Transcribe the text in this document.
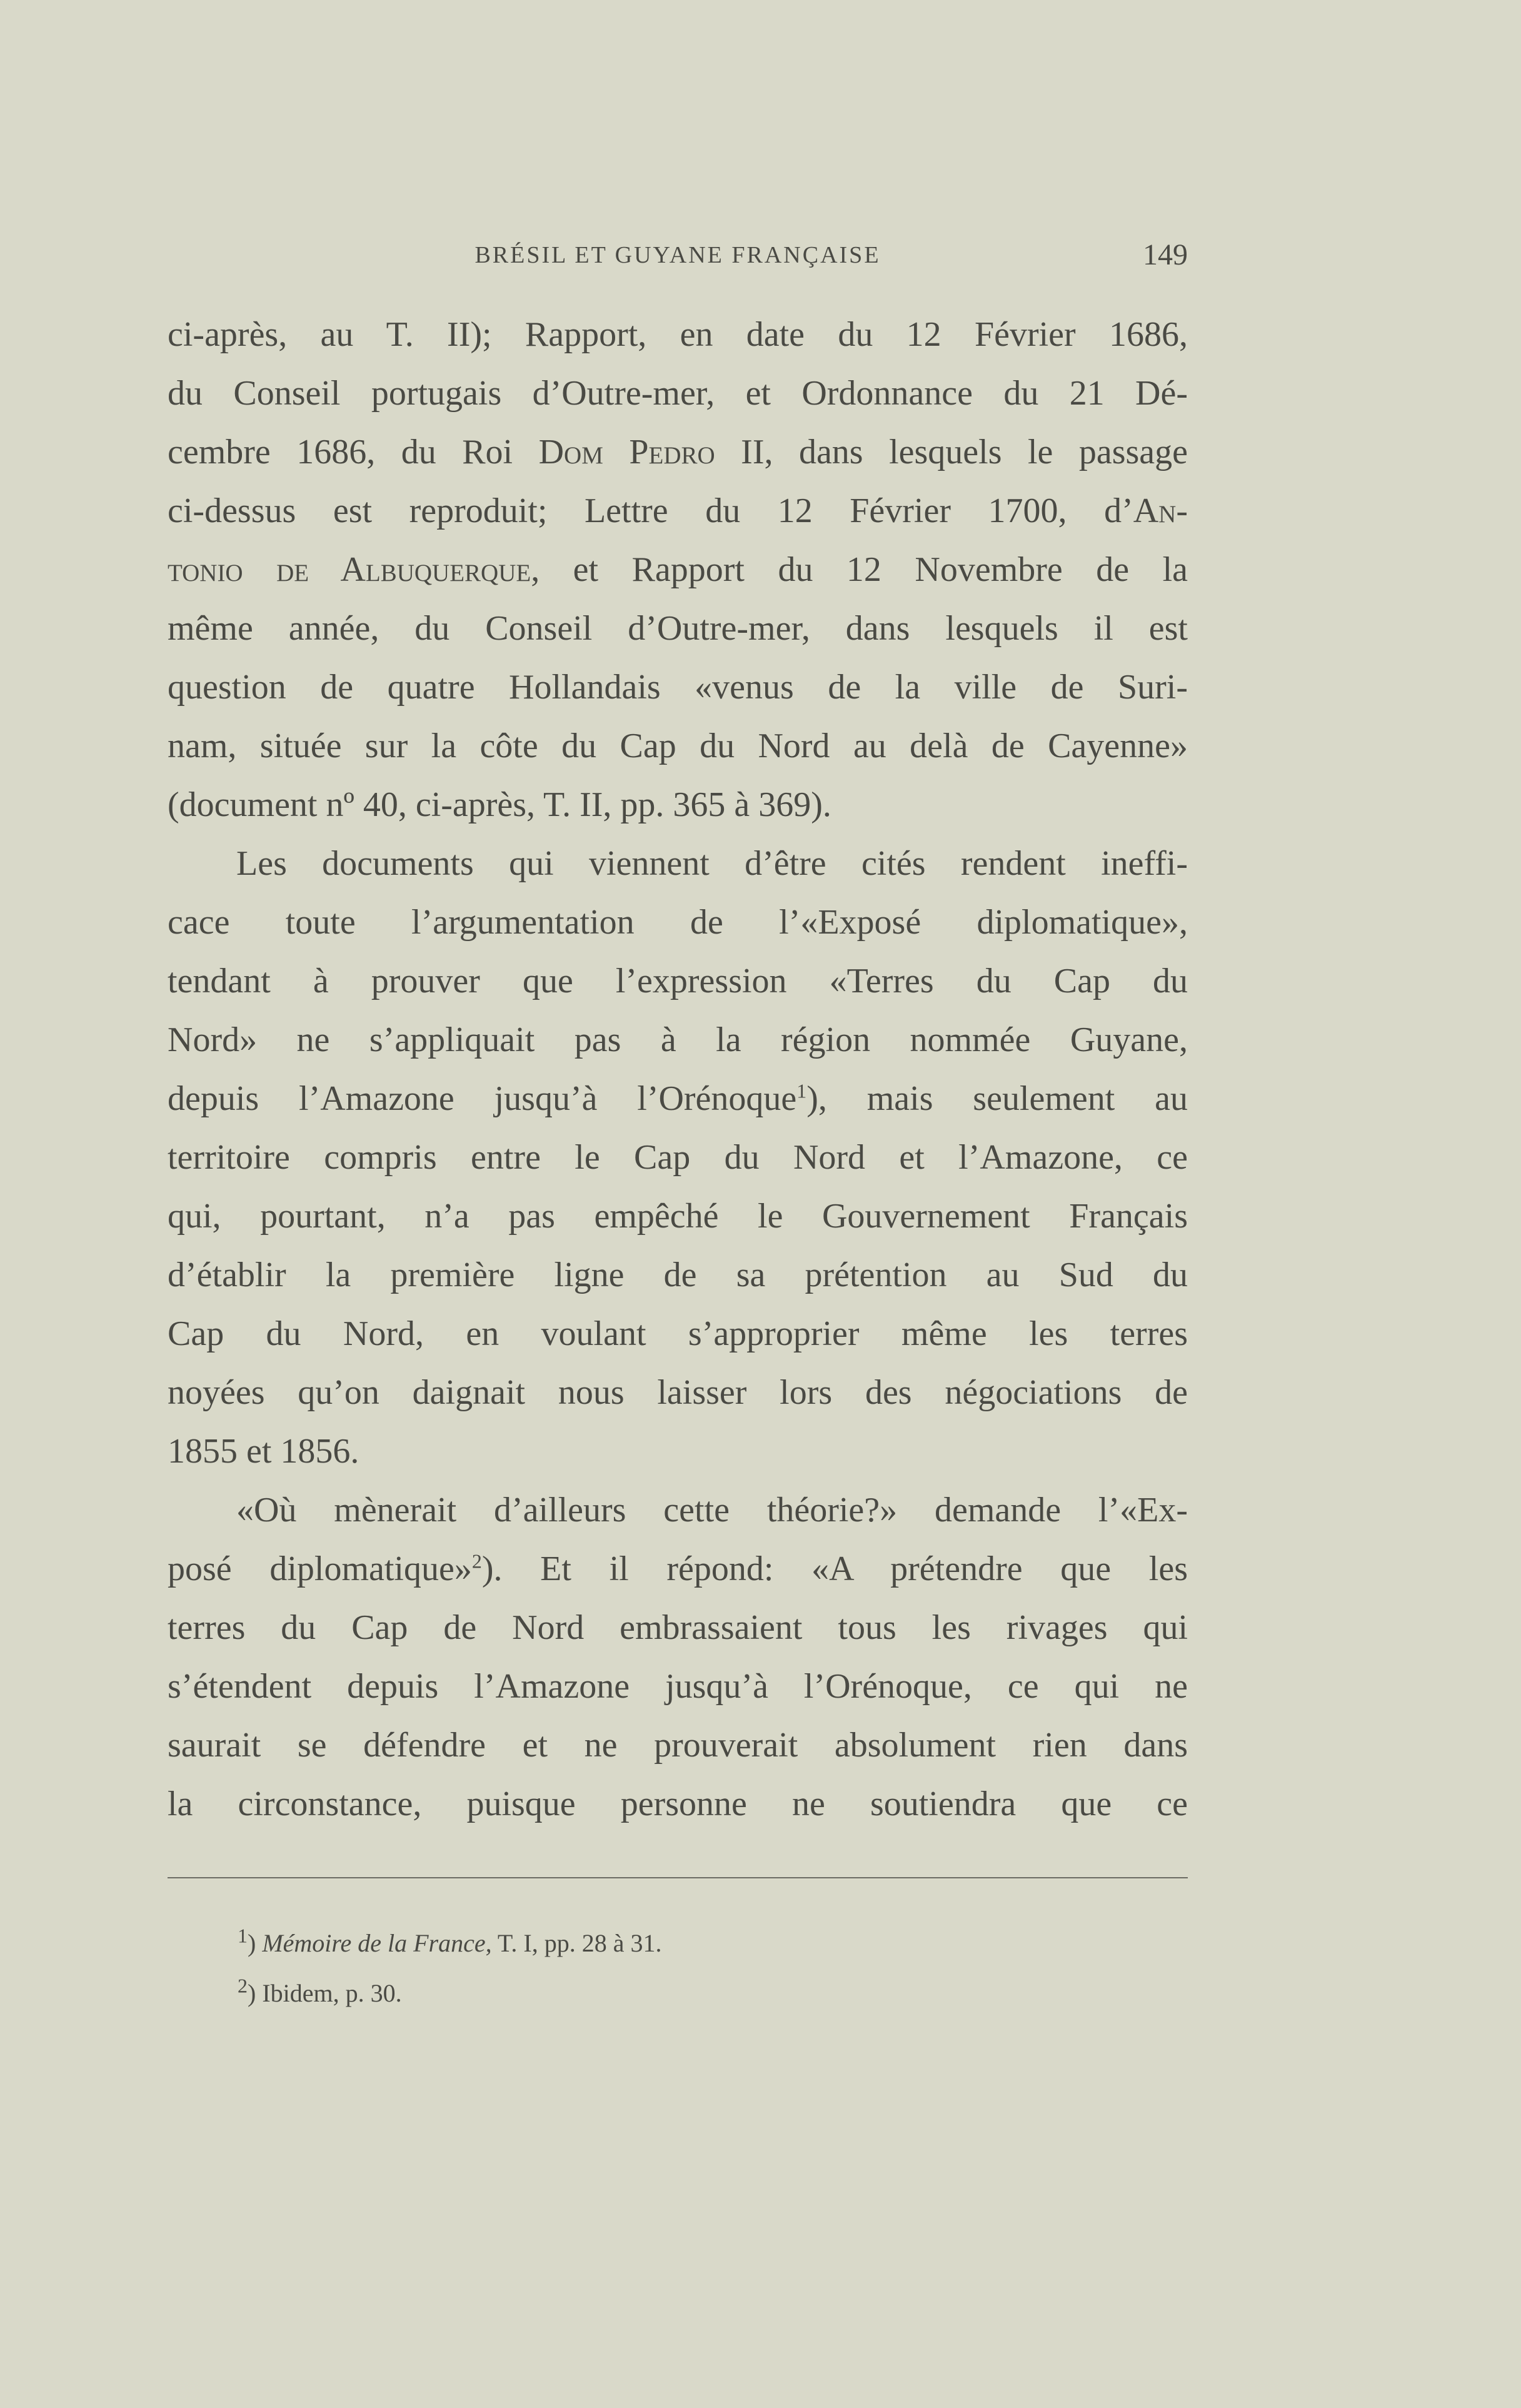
BRÉSIL ET GUYANE FRANÇAISE	149
ci-après, au T. II); Rapport, en date du 12 Février 1686,
du Conseil portugais d’Outre-mer, et Ordonnance du 21 Dé-
cembre 1686, du Roi Dom Pedro II, dans lesquels le passage
ci-dessus est reproduit; Lettre du 12 Février 1700, d’An-
tonio de Albuquerque, et Rapport du 12 Novembre de la
même année, du Conseil d’Outre-mer, dans lesquels il est
question de quatre Hollandais «venus de la ville de Suri-
nam, située sur la côte du Cap du Nord au delà de Cayenne»
(document nº 40, ci-après, T. II, pp. 365 à 369).
Les documents qui viennent d’être cités rendent ineffi-
cace toute l’argumentation de l’«Exposé diplomatique»,
tendant à prouver que l’expression «Terres du Cap du
Nord» ne s’appliquait pas à la région nommée Guyane,
depuis l’Amazone jusqu’à l’Orénoque$^1$), mais seulement au
territoire compris entre le Cap du Nord et l’Amazone, ce
qui, pourtant, n’a pas empêché le Gouvernement Français
d’établir la première ligne de sa prétention au Sud du
Cap du Nord, en voulant s’approprier même les terres
noyées qu’on daignait nous laisser lors des négociations de
1855 et 1856.
«Où mènerait d’ailleurs cette théorie?» demande l’«Ex-
posé diplomatique»$^2$). Et il répond: «A prétendre que les
terres du Cap de Nord embrassaient tous les rivages qui
s’étendent depuis l’Amazone jusqu’à l’Orénoque, ce qui ne
saurait se défendre et ne prouverait absolument rien dans
la circonstance, puisque personne ne soutiendra que ce
$^1$) Mémoire de la France, T. I, pp. 28 à 31.
$^2$) Ibidem, p. 30.
